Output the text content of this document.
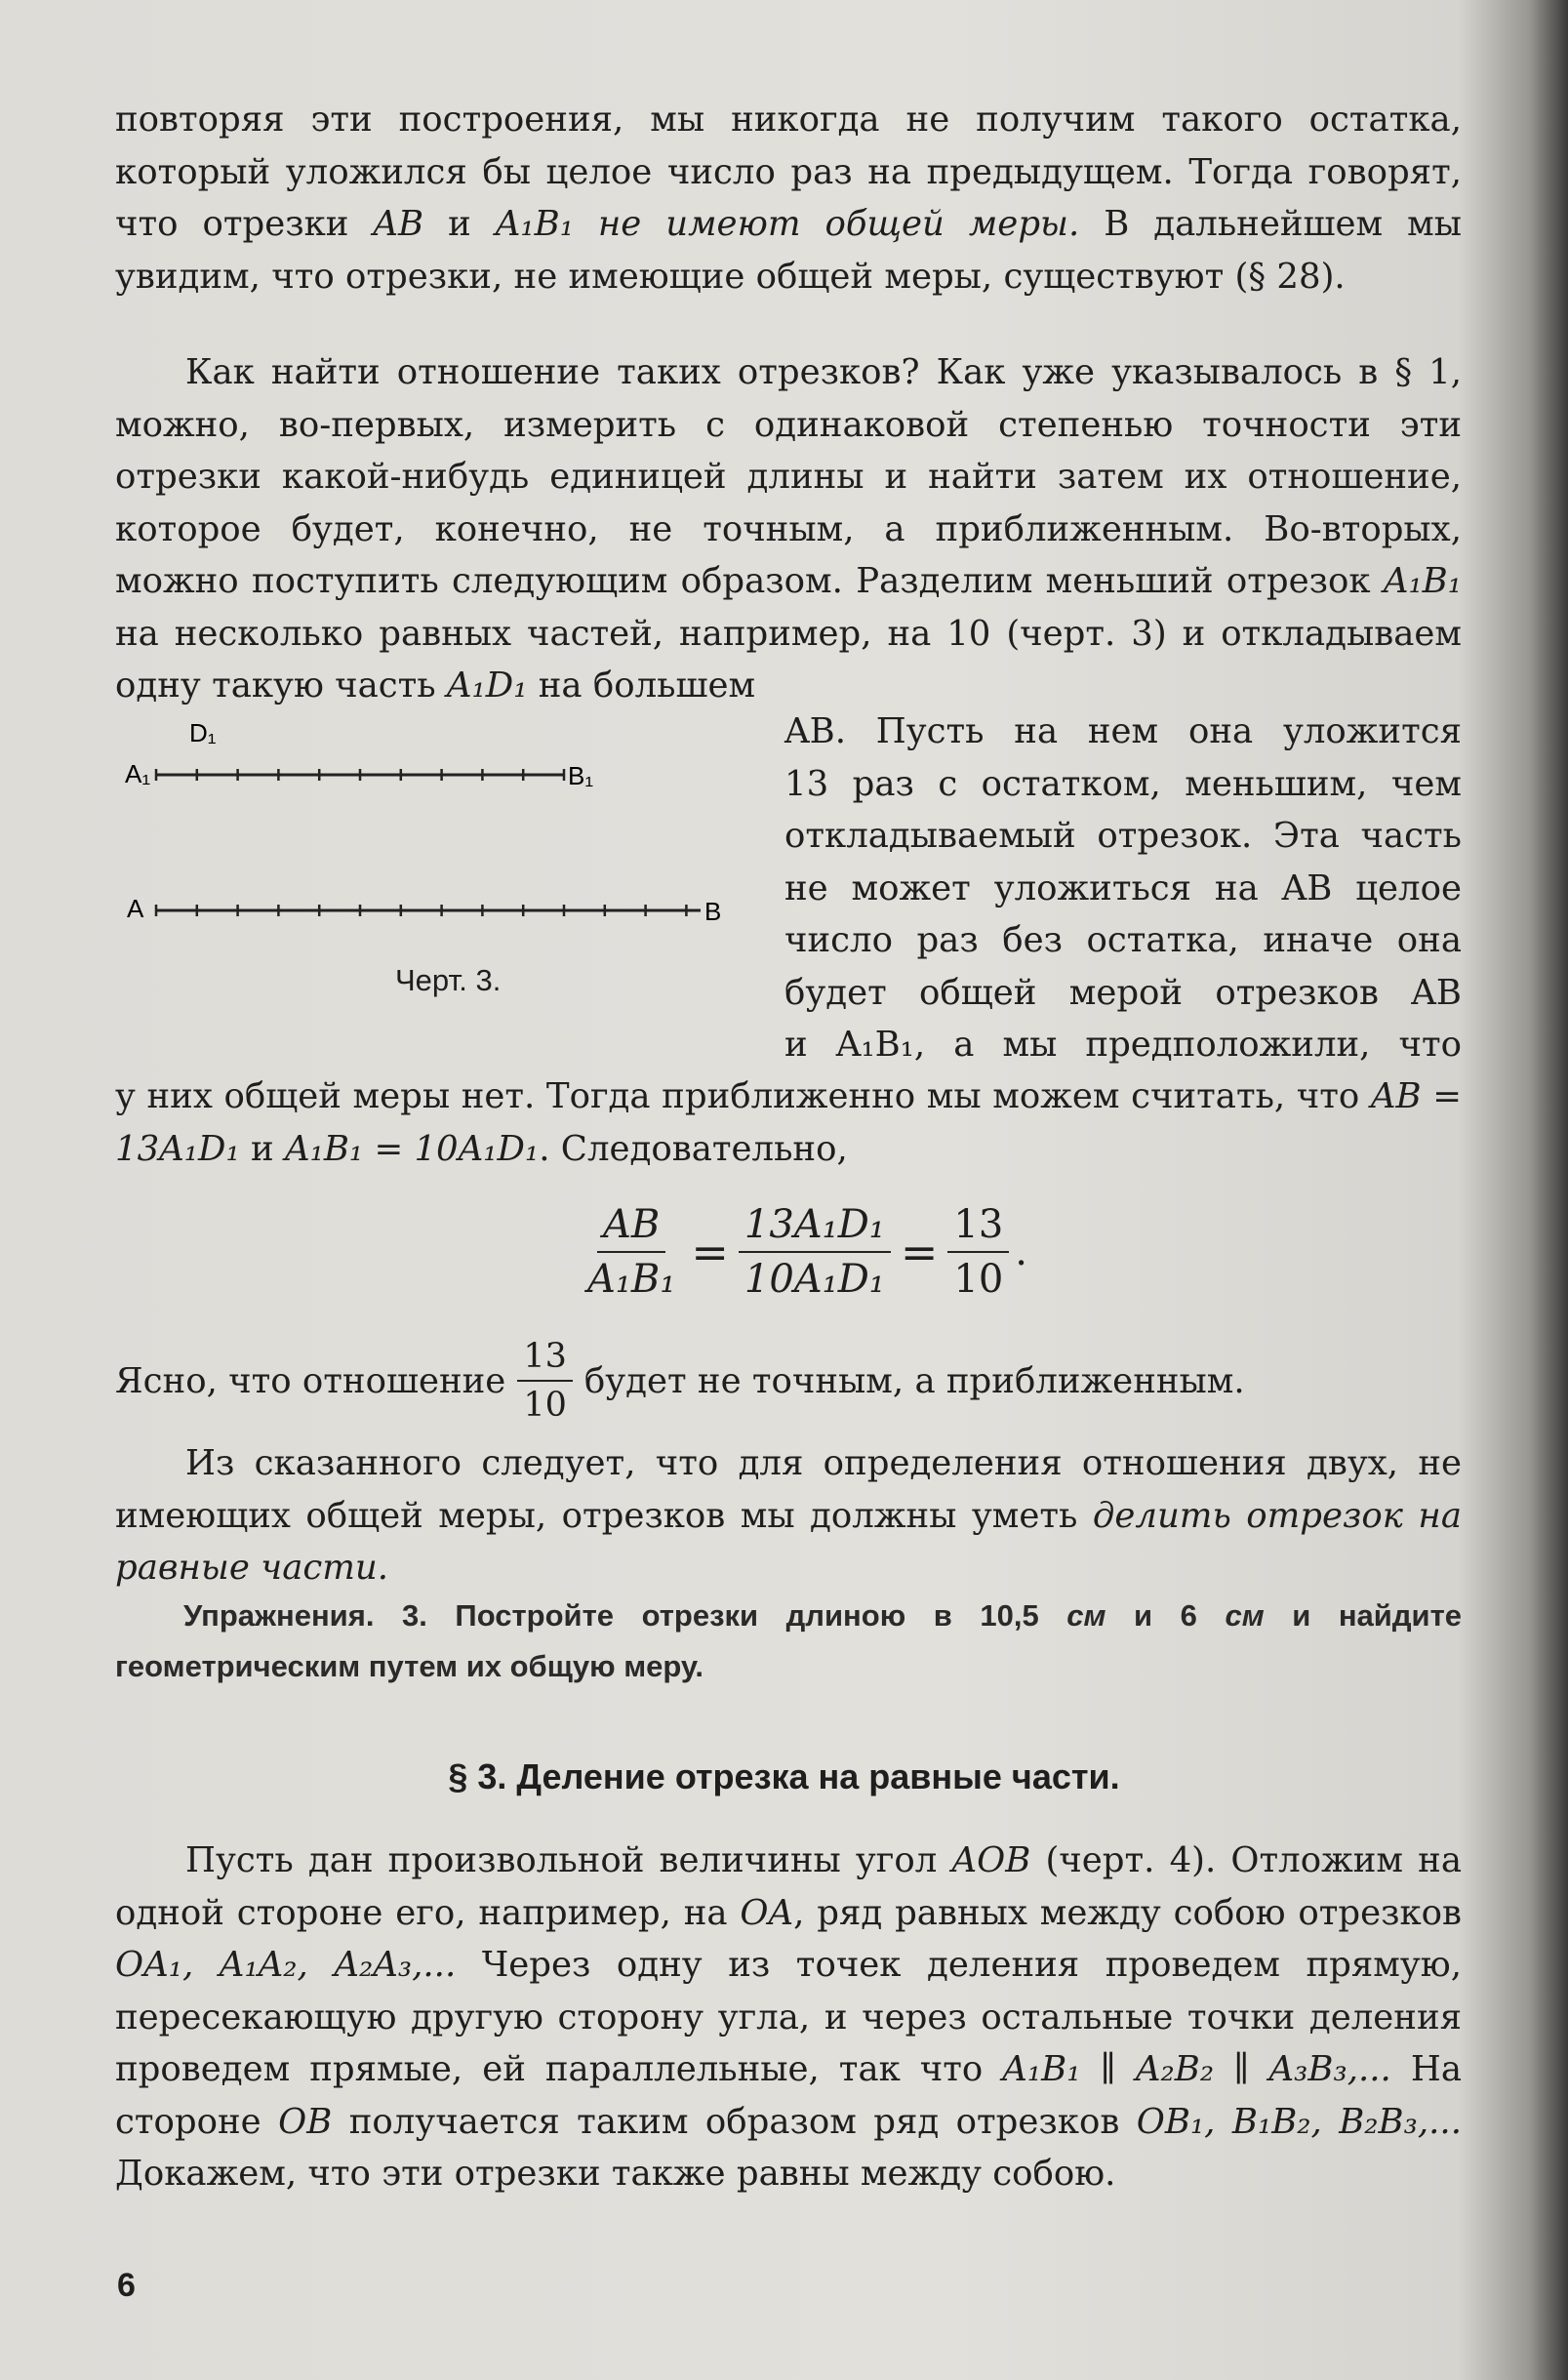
повторяя эти построения, мы никогда не получим такого остатка, который уложился бы целое число раз на предыдущем. Тогда говорят, что отрезки AB и A₁B₁ не имеют общей меры. В дальнейшем мы увидим, что отрезки, не имеющие общей меры, существуют (§ 28).

Как найти отношение таких отрезков? Как уже указывалось в § 1, можно, во-первых, измерить с одинаковой степенью точности эти отрезки какой-нибудь единицей длины и найти затем их отношение, которое будет, конечно, не точным, а приближенным. Во-вторых, можно поступить следующим образом. Разделим меньший отрезок A₁B₁ на несколько равных частей, например, на 10 (черт. 3) и откладываем одну такую часть A₁D₁ на большем

AB. Пусть на нем она уложится
13 раз с остатком, меньшим, чем
откладываемый отрезок. Эта часть
не может уложиться на AB целое
число раз без остатка, иначе она
будет общей мерой отрезков AB
и A₁B₁, а мы предположили, что
D₁
A₁	B₁
A	B
Черт. 3.

у них общей меры нет. Тогда приближенно мы можем считать, что AB = 13A₁D₁ и A₁B₁ = 10A₁D₁. Следовательно,

$\frac{AB}{\text{A₁B₁}} = \frac{\text{13A₁D₁}}{\text{10A₁D₁}} = \frac{13}{10}$ .
Ясно, что отношение $\frac{13}{10}$ будет не точным, а приближенным.

Из сказанного следует, что для определения отношения двух, не имеющих общей меры, отрезков мы должны уметь делить отрезок на равные части.

Упражнения. 3. Постройте отрезки длиною в 10,5 см и 6 см и найдите геометрическим путем их общую меру.

§ 3. Деление отрезка на равные части.

Пусть дан произвольной величины угол AOB (черт. 4). Отложим на одной стороне его, например, на OA, ряд равных между собою отрезков OA₁, A₁A₂, A₂A₃,... Через одну из точек деления проведем прямую, пересекающую другую сторону угла, и через остальные точки деления проведем прямые, ей параллельные, так что A₁B₁ ∥ A₂B₂ ∥ A₃B₃,... На стороне OB получается таким образом ряд отрезков OB₁, B₁B₂, B₂B₃,... Докажем, что эти отрезки также равны между собою.

6
